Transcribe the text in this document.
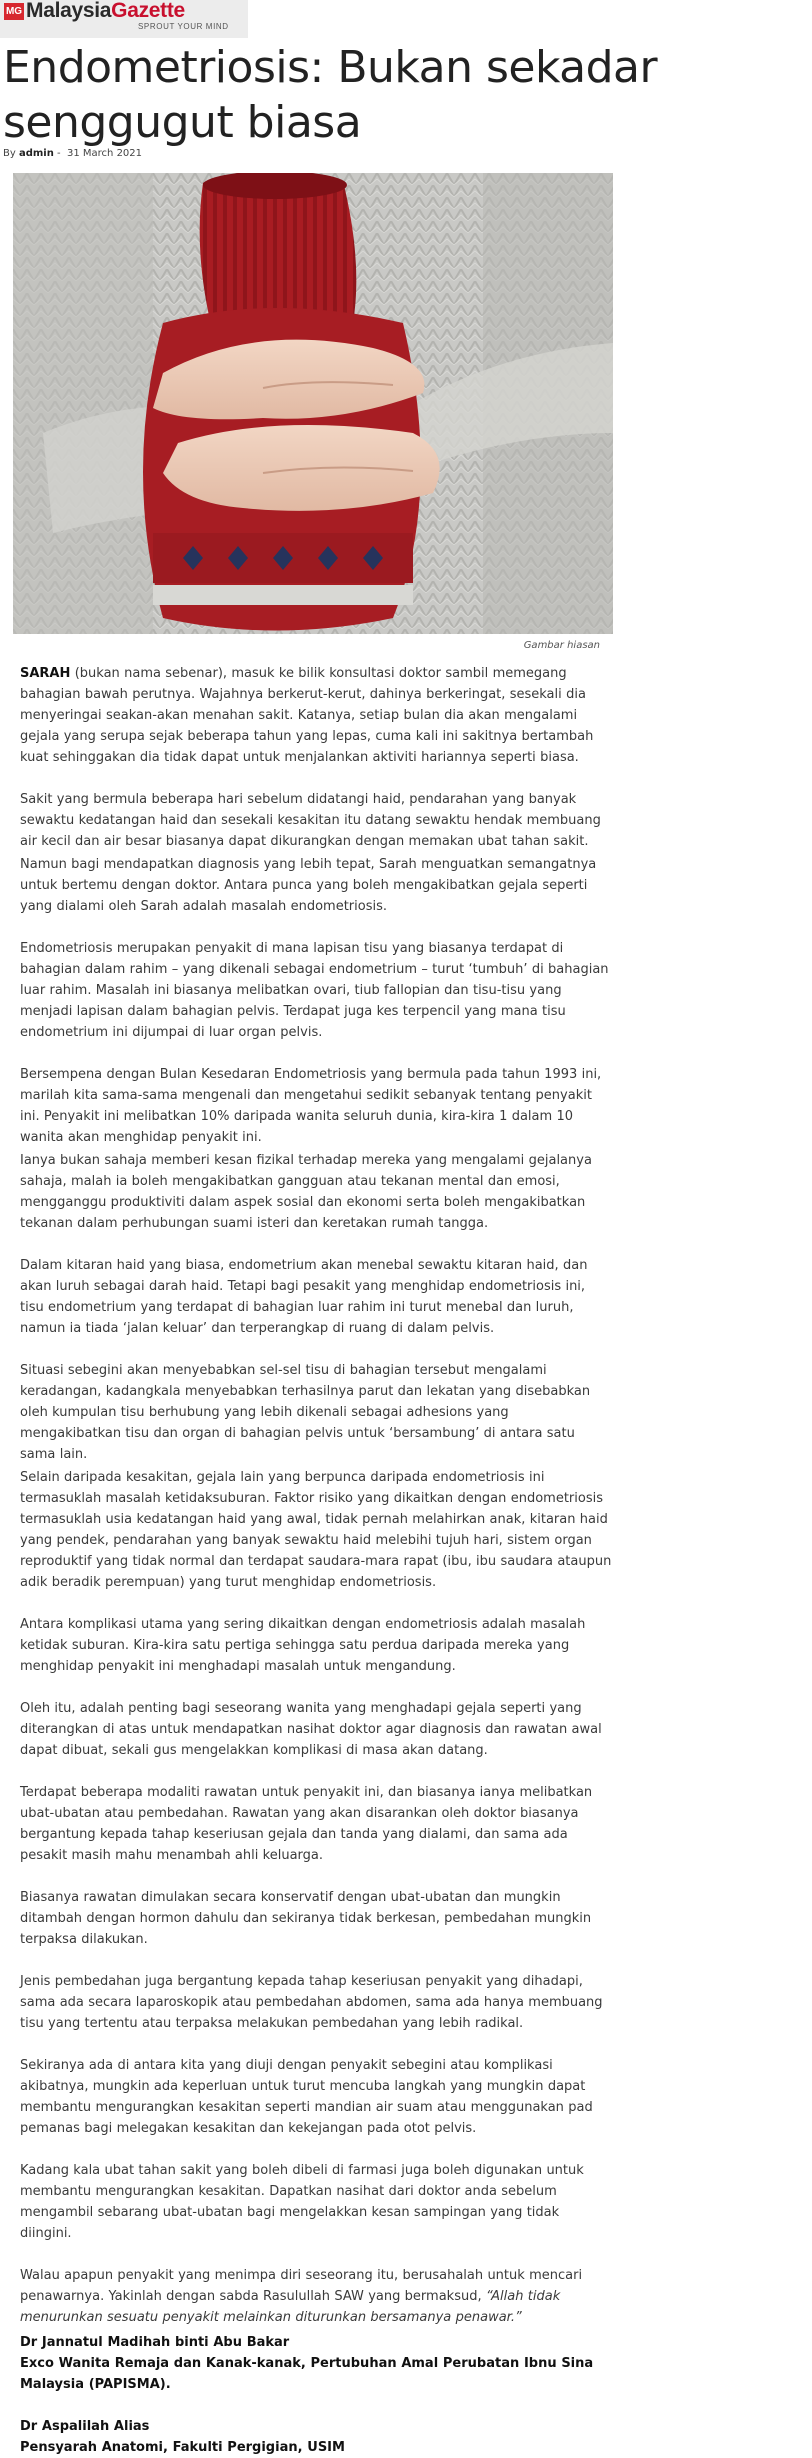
MG MalaysiaGazette
SPROUT YOUR MIND
Endometriosis: Bukan sekadar senggugut biasa
By admin - 31 March 2021
Gambar hiasan

SARAH (bukan nama sebenar), masuk ke bilik konsultasi doktor sambil memegang bahagian bawah perutnya. Wajahnya berkerut-kerut, dahinya berkeringat, sesekali dia menyeringai seakan-akan menahan sakit. Katanya, setiap bulan dia akan mengalami gejala yang serupa sejak beberapa tahun yang lepas, cuma kali ini sakitnya bertambah kuat sehinggakan dia tidak dapat untuk menjalankan aktiviti hariannya seperti biasa.

Sakit yang bermula beberapa hari sebelum didatangi haid, pendarahan yang banyak sewaktu kedatangan haid dan sesekali kesakitan itu datang sewaktu hendak membuang air kecil dan air besar biasanya dapat dikurangkan dengan memakan ubat tahan sakit.

Namun bagi mendapatkan diagnosis yang lebih tepat, Sarah menguatkan semangatnya untuk bertemu dengan doktor. Antara punca yang boleh mengakibatkan gejala seperti yang dialami oleh Sarah adalah masalah endometriosis.

Endometriosis merupakan penyakit di mana lapisan tisu yang biasanya terdapat di bahagian dalam rahim – yang dikenali sebagai endometrium – turut ‘tumbuh’ di bahagian luar rahim. Masalah ini biasanya melibatkan ovari, tiub fallopian dan tisu-tisu yang menjadi lapisan dalam bahagian pelvis. Terdapat juga kes terpencil yang mana tisu endometrium ini dijumpai di luar organ pelvis.

Bersempena dengan Bulan Kesedaran Endometriosis yang bermula pada tahun 1993 ini, marilah kita sama-sama mengenali dan mengetahui sedikit sebanyak tentang penyakit ini. Penyakit ini melibatkan 10% daripada wanita seluruh dunia, kira-kira 1 dalam 10 wanita akan menghidap penyakit ini.

Ianya bukan sahaja memberi kesan fizikal terhadap mereka yang mengalami gejalanya sahaja, malah ia boleh mengakibatkan gangguan atau tekanan mental dan emosi, mengganggu produktiviti dalam aspek sosial dan ekonomi serta boleh mengakibatkan tekanan dalam perhubungan suami isteri dan keretakan rumah tangga.

Dalam kitaran haid yang biasa, endometrium akan menebal sewaktu kitaran haid, dan akan luruh sebagai darah haid. Tetapi bagi pesakit yang menghidap endometriosis ini, tisu endometrium yang terdapat di bahagian luar rahim ini turut menebal dan luruh, namun ia tiada ‘jalan keluar’ dan terperangkap di ruang di dalam pelvis.

Situasi sebegini akan menyebabkan sel-sel tisu di bahagian tersebut mengalami keradangan, kadangkala menyebabkan terhasilnya parut dan lekatan yang disebabkan oleh kumpulan tisu berhubung yang lebih dikenali sebagai adhesions yang mengakibatkan tisu dan organ di bahagian pelvis untuk ‘bersambung’ di antara satu sama lain.

Selain daripada kesakitan, gejala lain yang berpunca daripada endometriosis ini termasuklah masalah ketidaksuburan. Faktor risiko yang dikaitkan dengan endometriosis termasuklah usia kedatangan haid yang awal, tidak pernah melahirkan anak, kitaran haid yang pendek, pendarahan yang banyak sewaktu haid melebihi tujuh hari, sistem organ reproduktif yang tidak normal dan terdapat saudara-mara rapat (ibu, ibu saudara ataupun adik beradik perempuan) yang turut menghidap endometriosis.

Antara komplikasi utama yang sering dikaitkan dengan endometriosis adalah masalah ketidak suburan. Kira-kira satu pertiga sehingga satu perdua daripada mereka yang menghidap penyakit ini menghadapi masalah untuk mengandung.

Oleh itu, adalah penting bagi seseorang wanita yang menghadapi gejala seperti yang diterangkan di atas untuk mendapatkan nasihat doktor agar diagnosis dan rawatan awal dapat dibuat, sekali gus mengelakkan komplikasi di masa akan datang.

Terdapat beberapa modaliti rawatan untuk penyakit ini, dan biasanya ianya melibatkan ubat-ubatan atau pembedahan. Rawatan yang akan disarankan oleh doktor biasanya bergantung kepada tahap keseriusan gejala dan tanda yang dialami, dan sama ada pesakit masih mahu menambah ahli keluarga.

Biasanya rawatan dimulakan secara konservatif dengan ubat-ubatan dan mungkin ditambah dengan hormon dahulu dan sekiranya tidak berkesan, pembedahan mungkin terpaksa dilakukan.

Jenis pembedahan juga bergantung kepada tahap keseriusan penyakit yang dihadapi, sama ada secara laparoskopik atau pembedahan abdomen, sama ada hanya membuang tisu yang tertentu atau terpaksa melakukan pembedahan yang lebih radikal.

Sekiranya ada di antara kita yang diuji dengan penyakit sebegini atau komplikasi akibatnya, mungkin ada keperluan untuk turut mencuba langkah yang mungkin dapat membantu mengurangkan kesakitan seperti mandian air suam atau menggunakan pad pemanas bagi melegakan kesakitan dan kekejangan pada otot pelvis.

Kadang kala ubat tahan sakit yang boleh dibeli di farmasi juga boleh digunakan untuk membantu mengurangkan kesakitan. Dapatkan nasihat dari doktor anda sebelum mengambil sebarang ubat-ubatan bagi mengelakkan kesan sampingan yang tidak diingini.

Walau apapun penyakit yang menimpa diri seseorang itu, berusahalah untuk mencari penawarnya. Yakinlah dengan sabda Rasulullah SAW yang bermaksud, “Allah tidak menurunkan sesuatu penyakit melainkan diturunkan bersamanya penawar.”

Dr Jannatul Madihah binti Abu Bakar

Exco Wanita Remaja dan Kanak-kanak, Pertubuhan Amal Perubatan Ibnu Sina Malaysia (PAPISMA).

Dr Aspalilah Alias

Pensyarah Anatomi, Fakulti Pergigian, USIM
